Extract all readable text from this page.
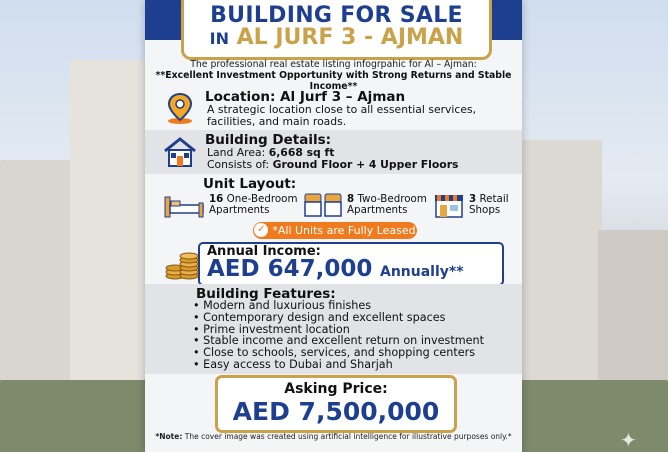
✦
BUILDING FOR SALE
IN AL JURF 3 - AJMAN
The professional real estate listing infogrpahic for Al – Ajman:
**Excellent Investment Opportunity with Strong Returns and Stable Income**
Location: Al Jurf 3 – Ajman
A strategic location close to all essential services, facilities, and main roads.
Building Details:
Land Area: 6,668 sq ft
Consists of: Ground Floor + 4 Upper Floors
Unit Layout:
16 One-Bedroom
Apartments
8 Two-Bedroom
Apartments
3 Retail
Shops
✓ *All Units are Fully Leased
Annual Income:
AED 647,000 Annually**
Building Features:
• Modern and luxurious finishes
• Contemporary design and excellent spaces
• Prime investment location
• Stable income and excellent return on investment
• Close to schools, services, and shopping centers
• Easy access to Dubai and Sharjah
Asking Price:
AED 7,500,000
*Note: The cover image was created using artificial intelligence for illustrative purposes only.*
